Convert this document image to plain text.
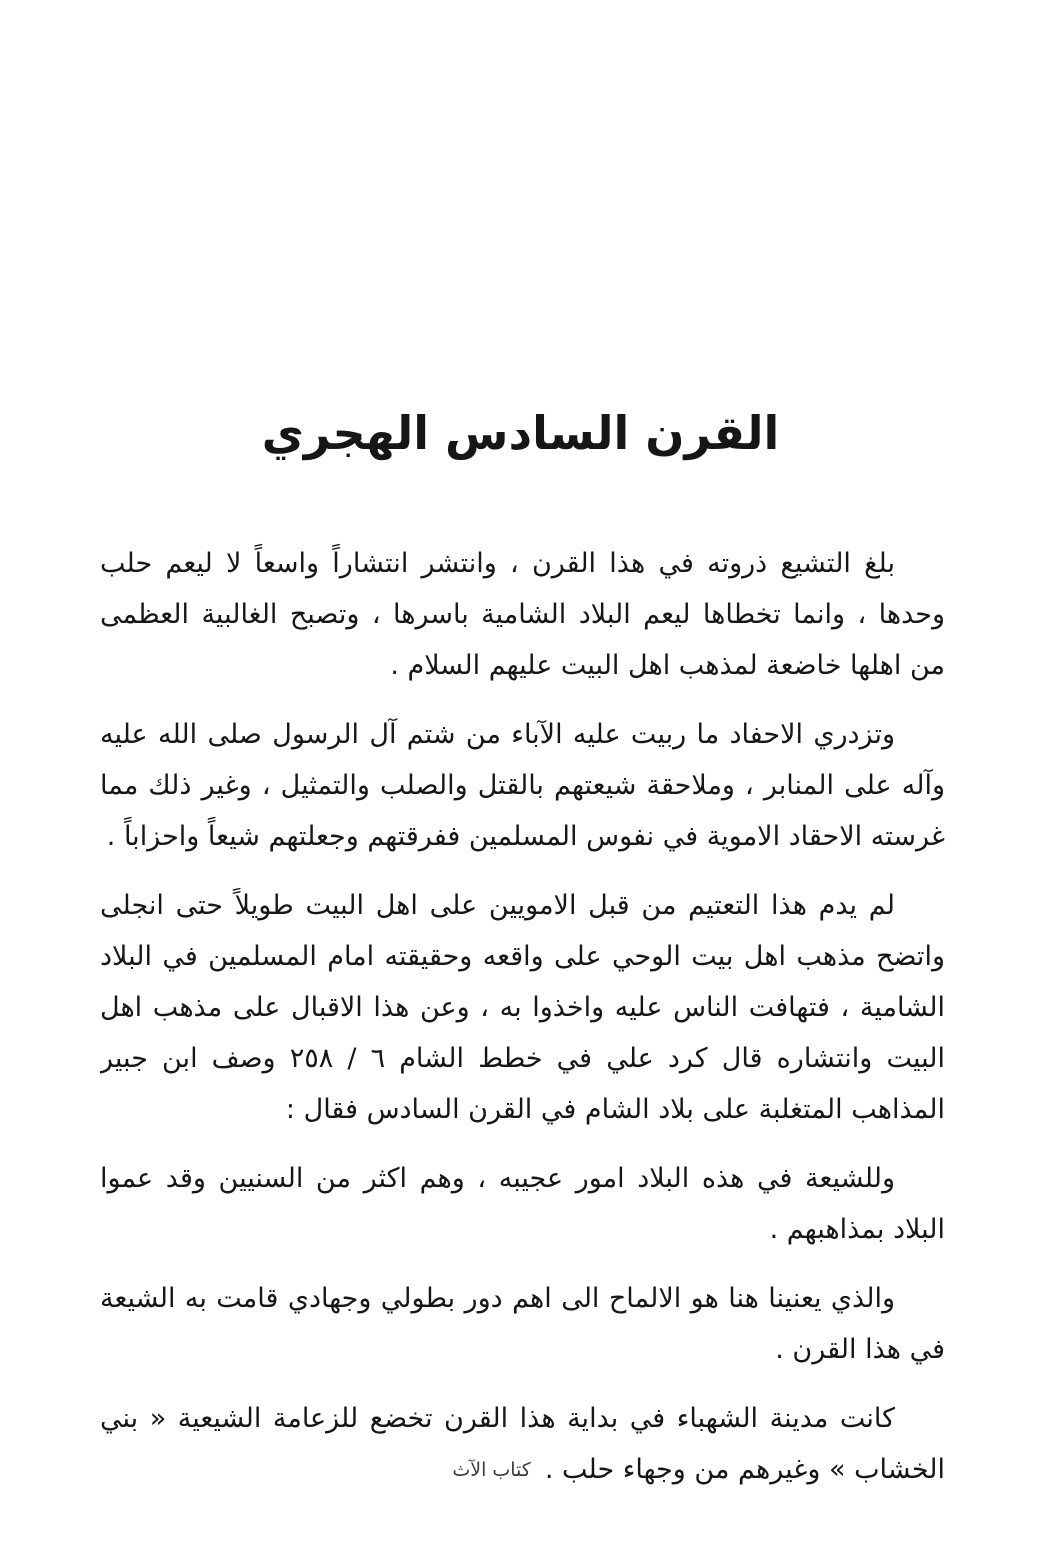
القرن السادس الهجري
بلغ التشيع ذروته في هذا القرن ، وانتشر انتشاراً واسعاً لا ليعم حلب
وحدها ، وانما تخطاها ليعم البلاد الشامية باسرها ، وتصبح الغالبية العظمى
من اهلها خاضعة لمذهب اهل البيت عليهم السلام .
وتزدري الاحفاد ما ربيت عليه الآباء من شتم آل الرسول صلى الله عليه
وآله على المنابر ، وملاحقة شيعتهم بالقتل والصلب والتمثيل ، وغير ذلك مما
غرسته الاحقاد الاموية في نفوس المسلمين ففرقتهم وجعلتهم شيعاً واحزاباً .
لم يدم هذا التعتيم من قبل الامويين على اهل البيت طويلاً حتى انجلى
واتضح مذهب اهل بيت الوحي على واقعه وحقيقته امام المسلمين في البلاد
الشامية ، فتهافت الناس عليه واخذوا به ، وعن هذا الاقبال على مذهب اهل
البيت وانتشاره قال كرد علي في خطط الشام ٦ / ٢٥٨ وصف ابن جبير
المذاهب المتغلبة على بلاد الشام في القرن السادس فقال :
وللشيعة في هذه البلاد امور عجيبه ، وهم اكثر من السنيين وقد عموا
البلاد بمذاهبهم .
والذي يعنينا هنا هو الالماح الى اهم دور بطولي وجهادي قامت به الشيعة
في هذا القرن .
كانت مدينة الشهباء في بداية هذا القرن تخضع للزعامة الشيعية « بني
الخشاب » وغيرهم من وجهاء حلب .كتاب الآث
